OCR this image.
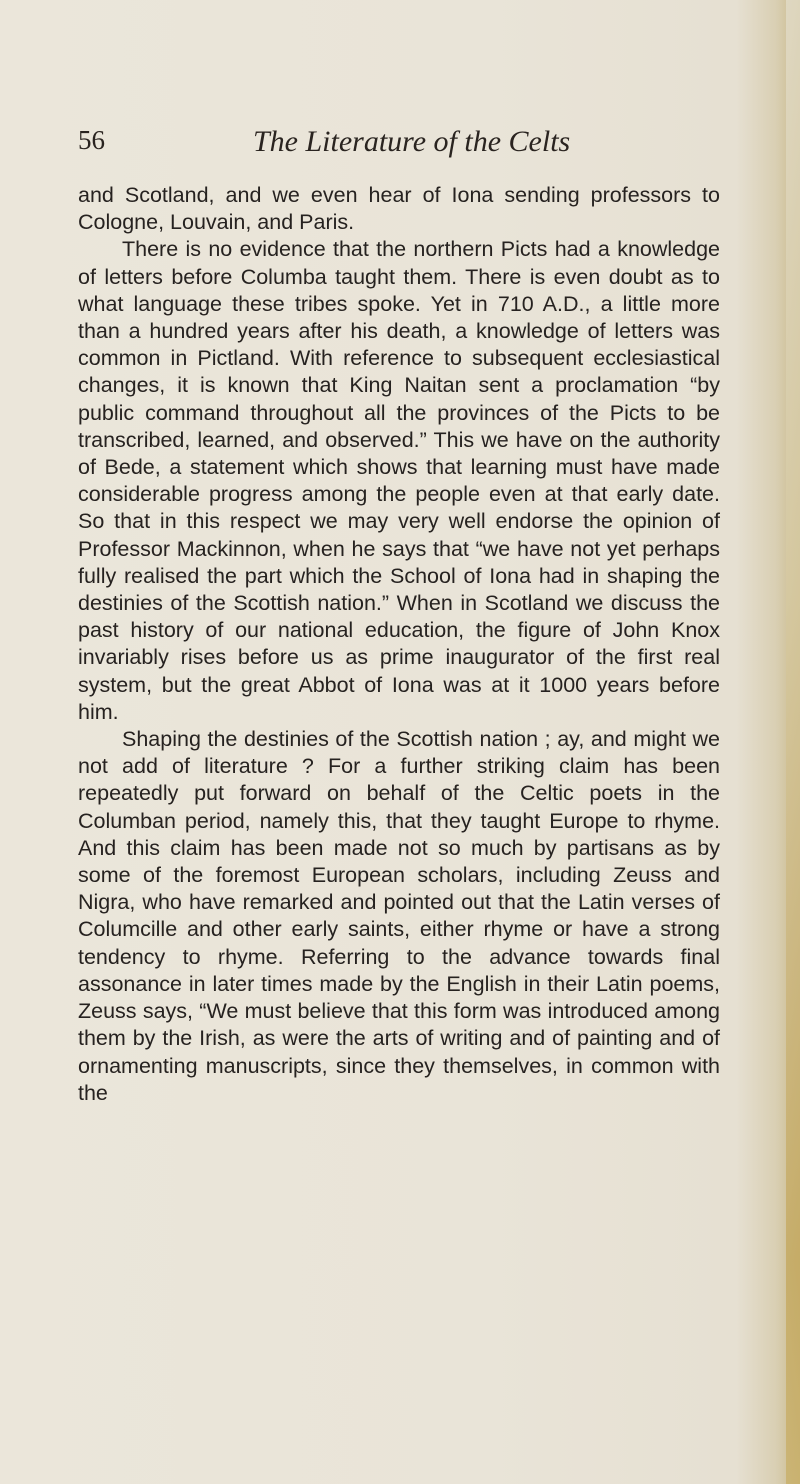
56	The Literature of the Celts

and Scotland, and we even hear of Iona sending professors to Cologne, Louvain, and Paris.

There is no evidence that the northern Picts had a knowledge of letters before Columba taught them. There is even doubt as to what language these tribes spoke. Yet in 710 A.D., a little more than a hundred years after his death, a knowledge of letters was common in Pictland. With reference to subsequent ecclesiastical changes, it is known that King Naitan sent a proclamation “by public command throughout all the provinces of the Picts to be transcribed, learned, and observed.” This we have on the authority of Bede, a statement which shows that learning must have made considerable progress among the people even at that early date. So that in this respect we may very well endorse the opinion of Professor Mackinnon, when he says that “we have not yet perhaps fully realised the part which the School of Iona had in shaping the destinies of the Scottish nation.” When in Scotland we discuss the past history of our national education, the figure of John Knox invariably rises before us as prime inaugurator of the first real system, but the great Abbot of Iona was at it 1000 years before him.

Shaping the destinies of the Scottish nation ; ay, and might we not add of literature ? For a further striking claim has been repeatedly put forward on behalf of the Celtic poets in the Columban period, namely this, that they taught Europe to rhyme. And this claim has been made not so much by partisans as by some of the foremost European scholars, including Zeuss and Nigra, who have remarked and pointed out that the Latin verses of Columcille and other early saints, either rhyme or have a strong tendency to rhyme. Referring to the advance towards final assonance in later times made by the English in their Latin poems, Zeuss says, “We must believe that this form was introduced among them by the Irish, as were the arts of writing and of painting and of ornamenting manuscripts, since they themselves, in common with the
